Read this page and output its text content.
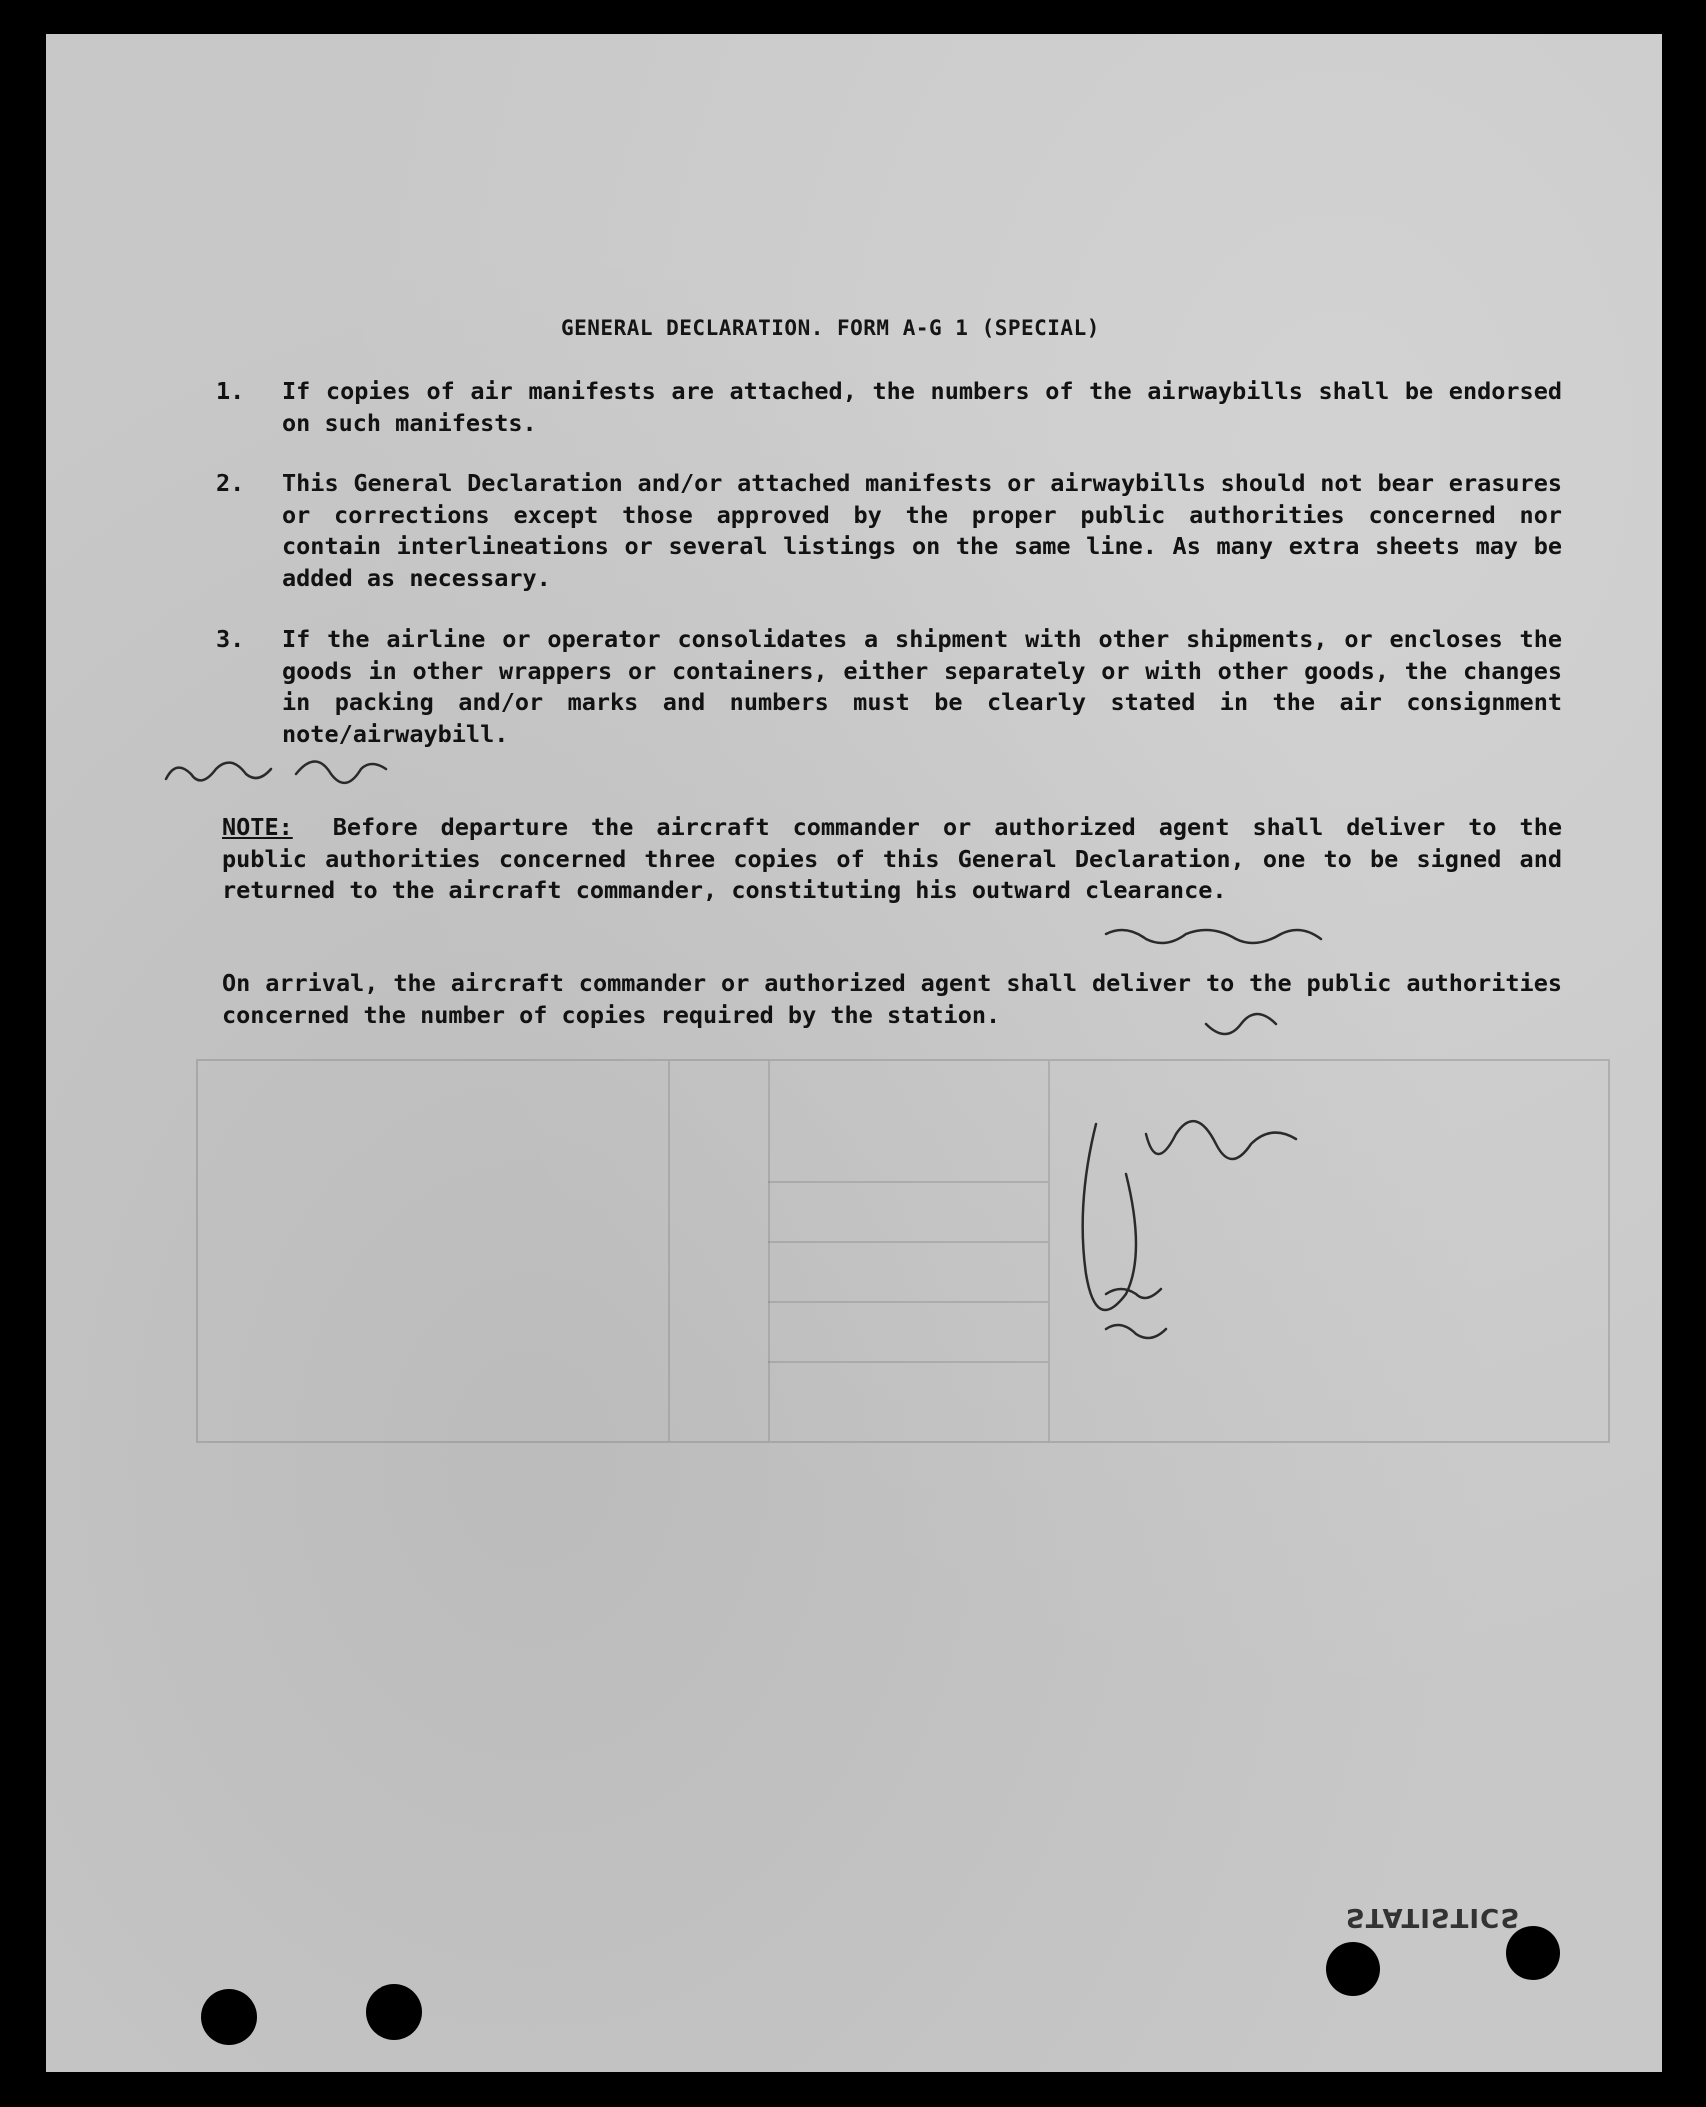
GENERAL DECLARATION. FORM A-G 1 (SPECIAL)
1. If copies of air manifests are attached, the numbers of the airwaybills shall be endorsed on such manifests.
2. This General Declaration and/or attached manifests or airwaybills should not bear erasures or corrections except those approved by the proper public authorities concerned nor contain interlineations or several listings on the same line. As many extra sheets may be added as necessary.
3. If the airline or operator consolidates a shipment with other shipments, or encloses the goods in other wrappers or containers, either separately or with other goods, the changes in packing and/or marks and numbers must be clearly stated in the air consignment note/airwaybill.
NOTE: Before departure the aircraft commander or authorized agent shall deliver to the public authorities concerned three copies of this General Declaration, one to be signed and returned to the aircraft commander, constituting his outward clearance.
On arrival, the aircraft commander or authorized agent shall deliver to the public authorities concerned the number of copies required by the station.
STATISTICS
